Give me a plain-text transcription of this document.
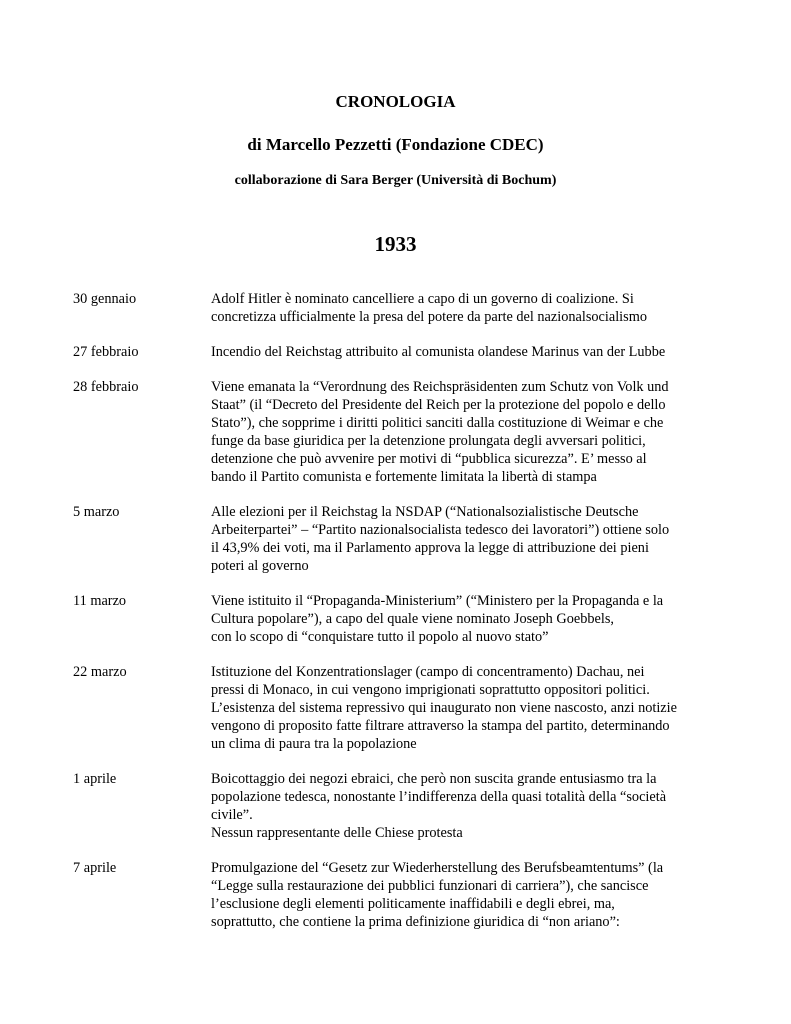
CRONOLOGIA
di Marcello Pezzetti (Fondazione CDEC)
collaborazione di Sara Berger (Università di Bochum)
1933
30 gennaio	Adolf Hitler è nominato cancelliere a capo di un governo di coalizione. Si

concretizza ufficialmente la presa del potere da parte del nazionalsocialismo

27 febbraio	Incendio del Reichstag attribuito al comunista olandese Marinus van der Lubbe

28 febbraio	Viene emanata la “Verordnung des Reichspräsidenten zum Schutz von Volk und

Staat” (il “Decreto del Presidente del Reich per la protezione del popolo e dello

Stato”), che sopprime i diritti politici sanciti dalla costituzione di Weimar e che

funge da base giuridica per la detenzione prolungata degli avversari politici,

detenzione che può avvenire per motivi di “pubblica sicurezza”. E’ messo al

bando il Partito comunista e fortemente limitata la libertà di stampa

5 marzo	Alle elezioni per il Reichstag la NSDAP (“Nationalsozialistische Deutsche

Arbeiterpartei” – “Partito nazionalsocialista tedesco dei lavoratori”) ottiene solo

il 43,9% dei voti, ma il Parlamento approva la legge di attribuzione dei pieni

poteri al governo

11 marzo	Viene istituito il “Propaganda-Ministerium” (“Ministero per la Propaganda e la

Cultura popolare”), a capo del quale viene nominato Joseph Goebbels,

con lo scopo di “conquistare tutto il popolo al nuovo stato”

22 marzo	Istituzione del Konzentrationslager (campo di concentramento) Dachau, nei

pressi di Monaco, in cui vengono imprigionati soprattutto oppositori politici.

L’esistenza del sistema repressivo qui inaugurato non viene nascosto, anzi notizie

vengono di proposito fatte filtrare attraverso la stampa del partito, determinando

un clima di paura tra la popolazione

1 aprile	Boicottaggio dei negozi ebraici, che però non suscita grande entusiasmo tra la

popolazione tedesca, nonostante l’indifferenza della quasi totalità della “società

civile”.

Nessun rappresentante delle Chiese protesta

7 aprile	Promulgazione del “Gesetz zur Wiederherstellung des Berufsbeamtentums” (la

“Legge sulla restaurazione dei pubblici funzionari di carriera”), che sancisce

l’esclusione degli elementi politicamente inaffidabili e degli ebrei, ma,

soprattutto, che contiene la prima definizione giuridica di “non ariano”:
